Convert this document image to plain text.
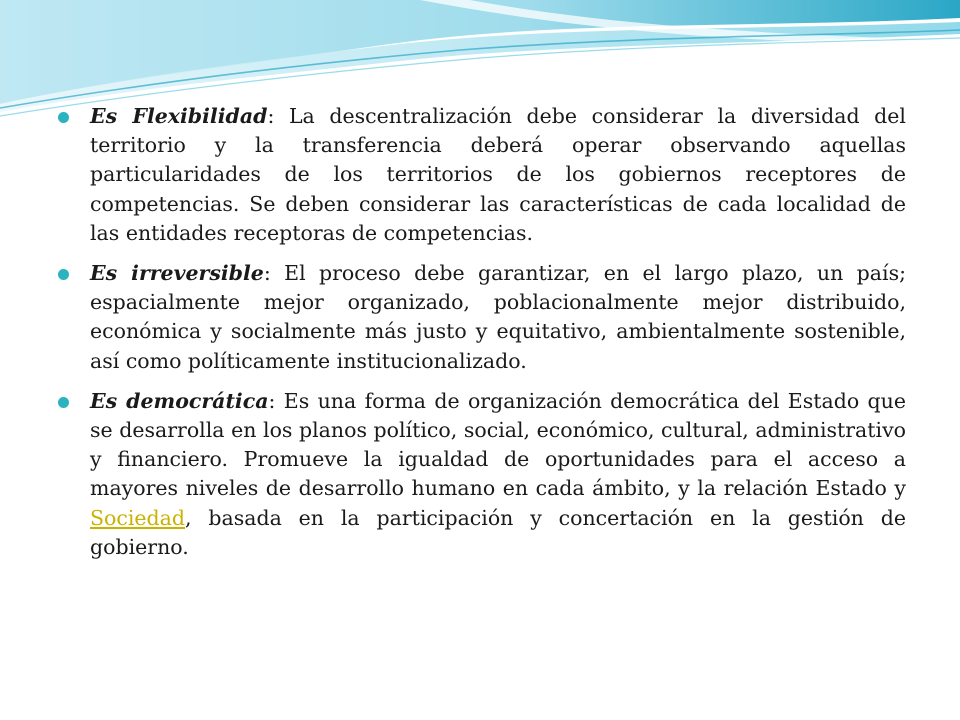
Es Flexibilidad: La descentralización debe considerar la diversidad del territorio y la transferencia deberá operar observando aquellas particularidades de los territorios de los gobiernos receptores de competencias. Se deben considerar las características de cada localidad de las entidades receptoras de competencias.

Es irreversible: El proceso debe garantizar, en el largo plazo, un país; espacialmente mejor organizado, poblacionalmente mejor distribuido, económica y socialmente más justo y equitativo, ambientalmente sostenible, así como políticamente institucionalizado.

Es democrática: Es una forma de organización democrática del Estado que se desarrolla en los planos político, social, económico, cultural, administrativo y financiero. Promueve la igualdad de oportunidades para el acceso a mayores niveles de desarrollo humano en cada ámbito, y la relación Estado y Sociedad, basada en la participación y concertación en la gestión de gobierno.
